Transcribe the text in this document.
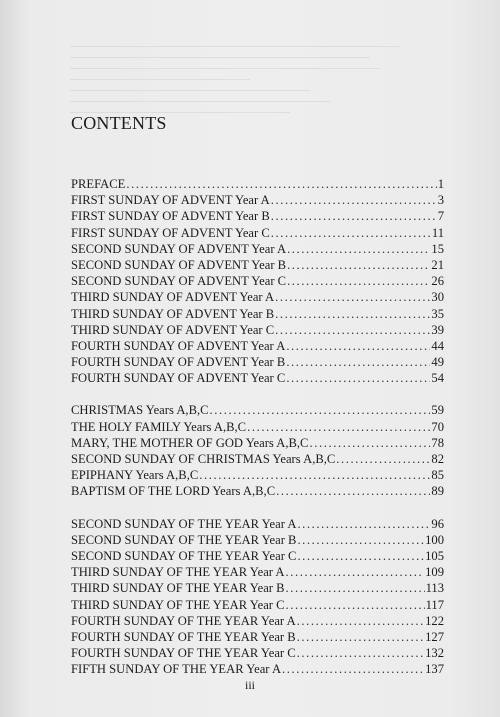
CONTENTS
PREFACE .....	1
FIRST SUNDAY OF ADVENT Year A .....	3
FIRST SUNDAY OF ADVENT Year B .....	7
FIRST SUNDAY OF ADVENT Year C .....	11
SECOND SUNDAY OF ADVENT Year A .....	15
SECOND SUNDAY OF ADVENT Year B .....	21
SECOND SUNDAY OF ADVENT Year C .....	26
THIRD SUNDAY OF ADVENT Year A .....	30
THIRD SUNDAY OF ADVENT Year B .....	35
THIRD SUNDAY OF ADVENT Year C .....	39
FOURTH SUNDAY OF ADVENT Year A .....	44
FOURTH SUNDAY OF ADVENT Year B .....	49
FOURTH SUNDAY OF ADVENT Year C .....	54
CHRISTMAS Years A,B,C .....	59
THE HOLY FAMILY Years A,B,C .....	70
MARY, THE MOTHER OF GOD Years A,B,C .....	78
SECOND SUNDAY OF CHRISTMAS Years A,B,C .....	82
EPIPHANY Years A,B,C .....	85
BAPTISM OF THE LORD Years A,B,C .....	89
SECOND SUNDAY OF THE YEAR Year A .....	96
SECOND SUNDAY OF THE YEAR Year B .....	100
SECOND SUNDAY OF THE YEAR Year C .....	105
THIRD SUNDAY OF THE YEAR Year A .....	109
THIRD SUNDAY OF THE YEAR Year B .....	113
THIRD SUNDAY OF THE YEAR Year C .....	117
FOURTH SUNDAY OF THE YEAR Year A .....	122
FOURTH SUNDAY OF THE YEAR Year B .....	127
FOURTH SUNDAY OF THE YEAR Year C .....	132
FIFTH SUNDAY OF THE YEAR Year A .....	137
iii
